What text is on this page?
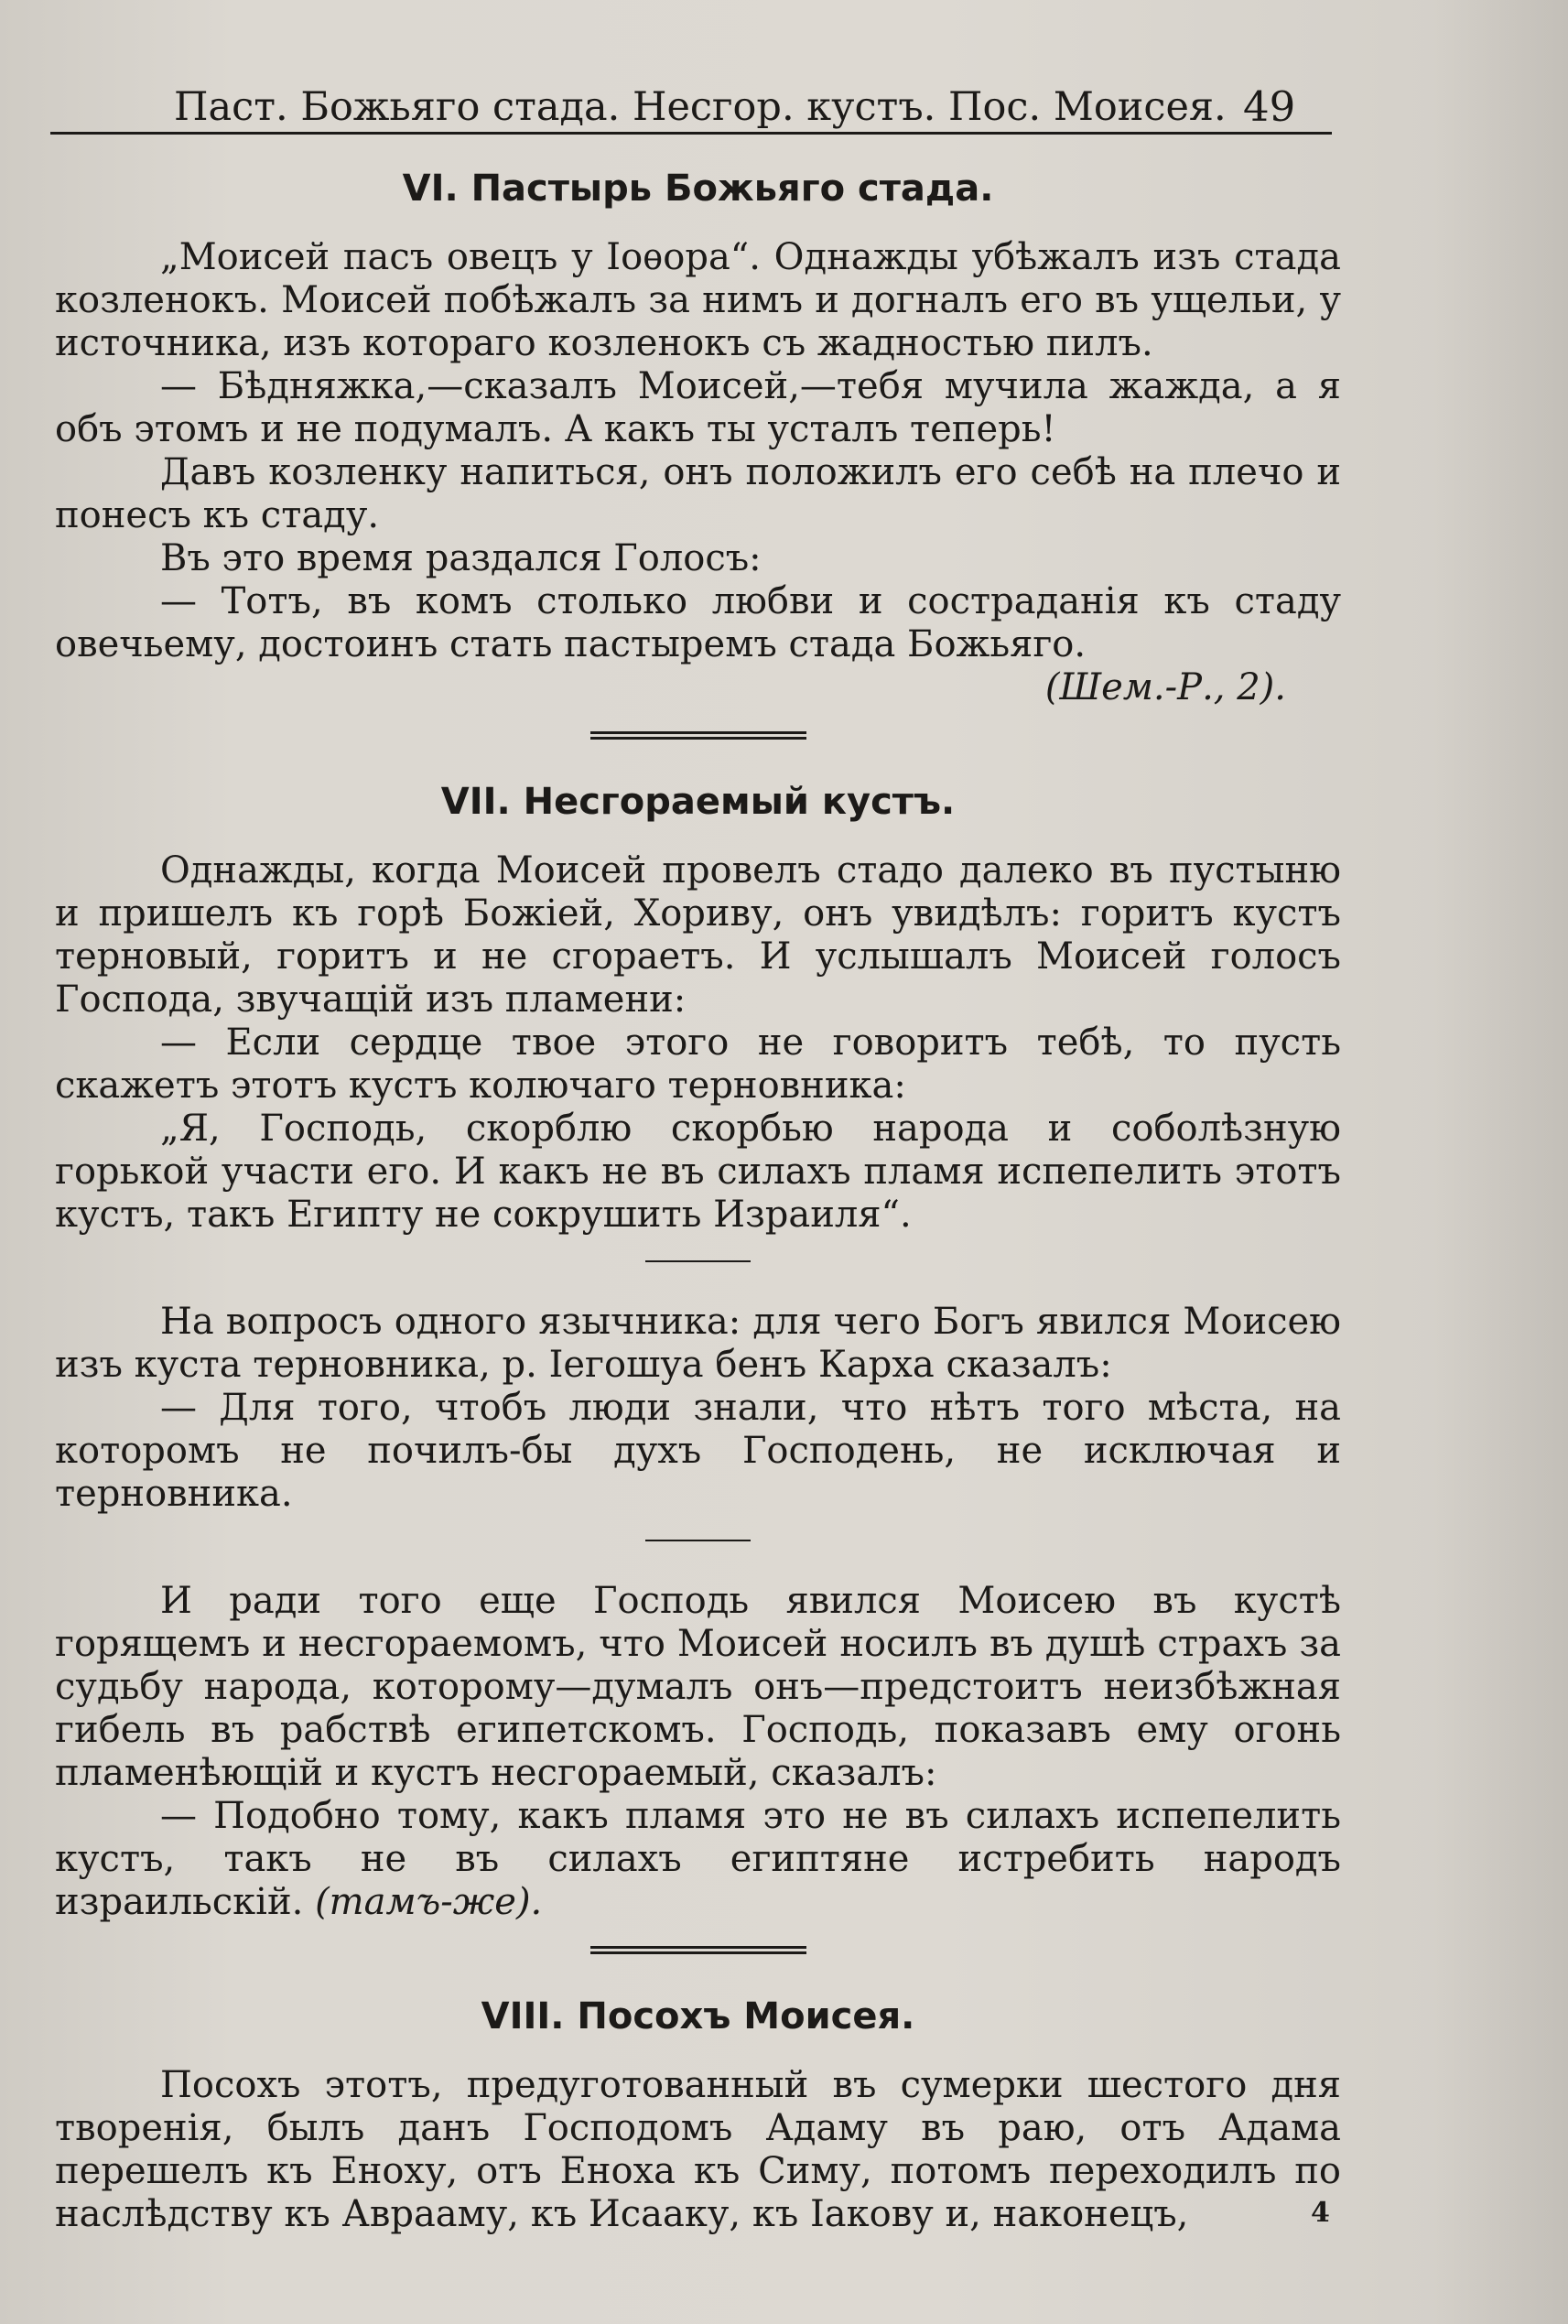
Паст. Божьяго стада. Несгор. кустъ. Пос. Моисея. 49
VI. Пастырь Божьяго стада.

„Моисей пасъ овецъ у Іоѳора“. Однажды убѣжалъ изъ стада козленокъ. Моисей побѣжалъ за нимъ и догналъ его въ ущельи, у источника, изъ котораго козленокъ съ жадностью пилъ.

— Бѣдняжка,—сказалъ Моисей,—тебя мучила жажда, а я объ этомъ и не подумалъ. А какъ ты усталъ теперь!

Давъ козленку напиться, онъ положилъ его себѣ на плечо и понесъ къ стаду.

Въ это время раздался Голосъ:

— Тотъ, въ комъ столько любви и состраданія къ стаду овечьему, достоинъ стать пастыремъ стада Божьяго.

(Шем.-Р., 2).

VII. Несгораемый кустъ.

Однажды, когда Моисей провелъ стадо далеко въ пустыню и пришелъ къ горѣ Божіей, Хориву, онъ увидѣлъ: горитъ кустъ терновый, горитъ и не сгораетъ. И услышалъ Моисей голосъ Господа, звучащій изъ пламени:

— Если сердце твое этого не говоритъ тебѣ, то пусть скажетъ этотъ кустъ колючаго терновника:

„Я, Господь, скорблю скорбью народа и соболѣзную горькой участи его. И какъ не въ силахъ пламя испепелить этотъ кустъ, такъ Египту не сокрушить Израиля“.

На вопросъ одного язычника: для чего Богъ явился Моисею изъ куста терновника, р. Іегошуа бенъ Карха сказалъ:

— Для того, чтобъ люди знали, что нѣтъ того мѣста, на которомъ не почилъ-бы духъ Господень, не исключая и терновника.

И ради того еще Господь явился Моисею въ кустѣ горящемъ и несгораемомъ, что Моисей носилъ въ душѣ страхъ за судьбу народа, которому—думалъ онъ—предстоитъ неизбѣжная гибель въ рабствѣ египетскомъ. Господь, показавъ ему огонь пламенѣющій и кустъ несгораемый, сказалъ:

— Подобно тому, какъ пламя это не въ силахъ испепелить кустъ, такъ не въ силахъ египтяне истребить народъ израильскій. (тамъ-же).

VIII. Посохъ Моисея.

Посохъ этотъ, предуготованный въ сумерки шестого дня творенія, былъ данъ Господомъ Адаму въ раю, отъ Адама перешелъ къ Еноху, отъ Еноха къ Симу, потомъ переходилъ по наслѣдству къ Аврааму, къ Исааку, къ Іакову и, наконецъ,	4
